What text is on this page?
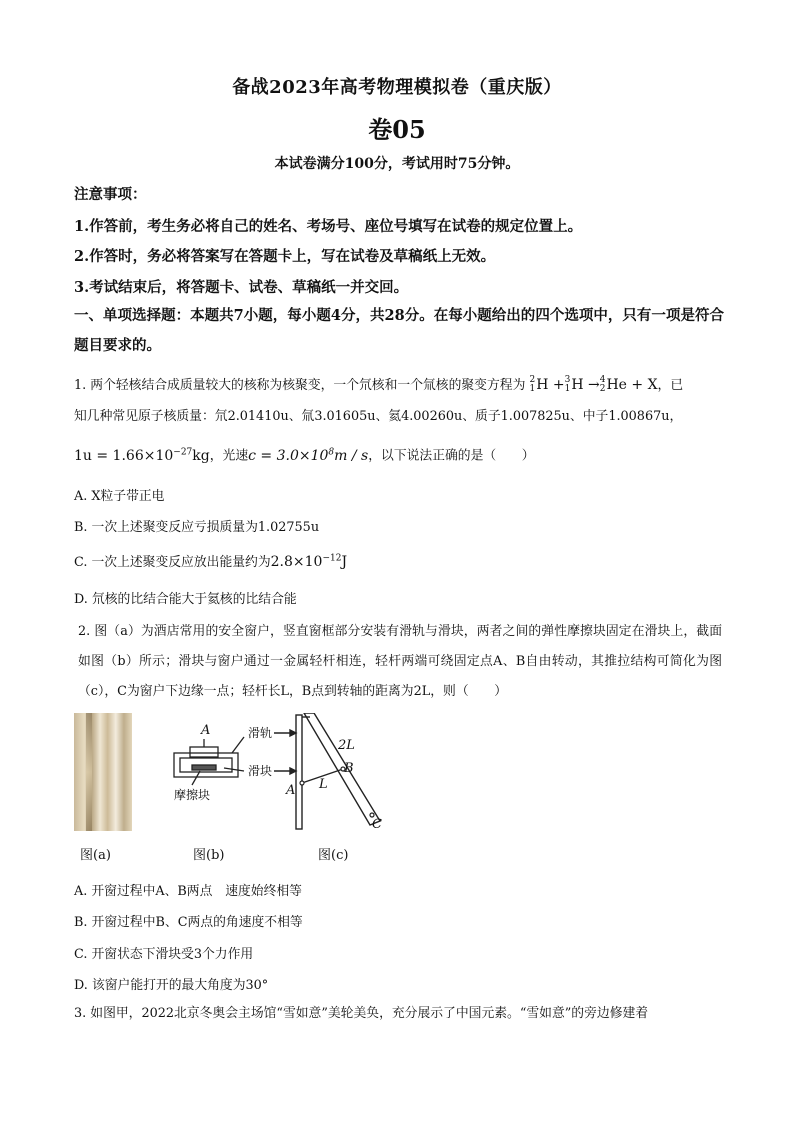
备战2023年高考物理模拟卷（重庆版）
卷05
本试卷满分100分，考试用时75分钟。
注意事项：
1.作答前，考生务必将自己的姓名、考场号、座位号填写在试卷的规定位置上。
2.作答时，务必将答案写在答题卡上，写在试卷及草稿纸上无效。
3.考试结束后，将答题卡、试卷、草稿纸一并交回。
一、单项选择题：本题共7小题，每小题4分，共28分。在每小题给出的四个选项中，只有一项是符合题目要求的。
1. 两个轻核结合成质量较大的核称为核聚变，一个氘核和一个氚核的聚变方程为 2
1 H + 3
1 H → 4
2 He + X，已
知几种常见原子核质量：氘2.01410u、氚3.01605u、氦4.00260u、质子1.007825u、中子1.00867u，
$1u = 1.66\times 10^{-27}kg$，光速$c = 3.0\times 10^8m / s$，以下说法正确的是（　　）
A. X粒子带正电
B. 一次上述聚变反应亏损质量为1.02755u
C. 一次上述聚变反应放出能量约为$2.8\times 10^{-12}J$
D. 氘核的比结合能大于氦核的比结合能
2. 图（a）为酒店常用的安全窗户，竖直窗框部分安装有滑轨与滑块，两者之间的弹性摩擦块固定在滑块上，截面如图（b）所示；滑块与窗户通过一金属轻杆相连，轻杆两端可绕固定点A、B自由转动，其推拉结构可简化为图（c），C为窗户下边缘一点；轻杆长L，B点到转轴的距离为2L，则（　　）
A	滑轨
滑块
摩擦块	A
B
C
L
2L
图(a)	图(b)	图(c)
A. 开窗过程中A、B两点　速度始终相等
B. 开窗过程中B、C两点的角速度不相等
C. 开窗状态下滑块受3个力作用
D. 该窗户能打开的最大角度为30°
3. 如图甲，2022北京冬奥会主场馆“雪如意”美轮美奂，充分展示了中国元素。“雪如意”的旁边修建着
